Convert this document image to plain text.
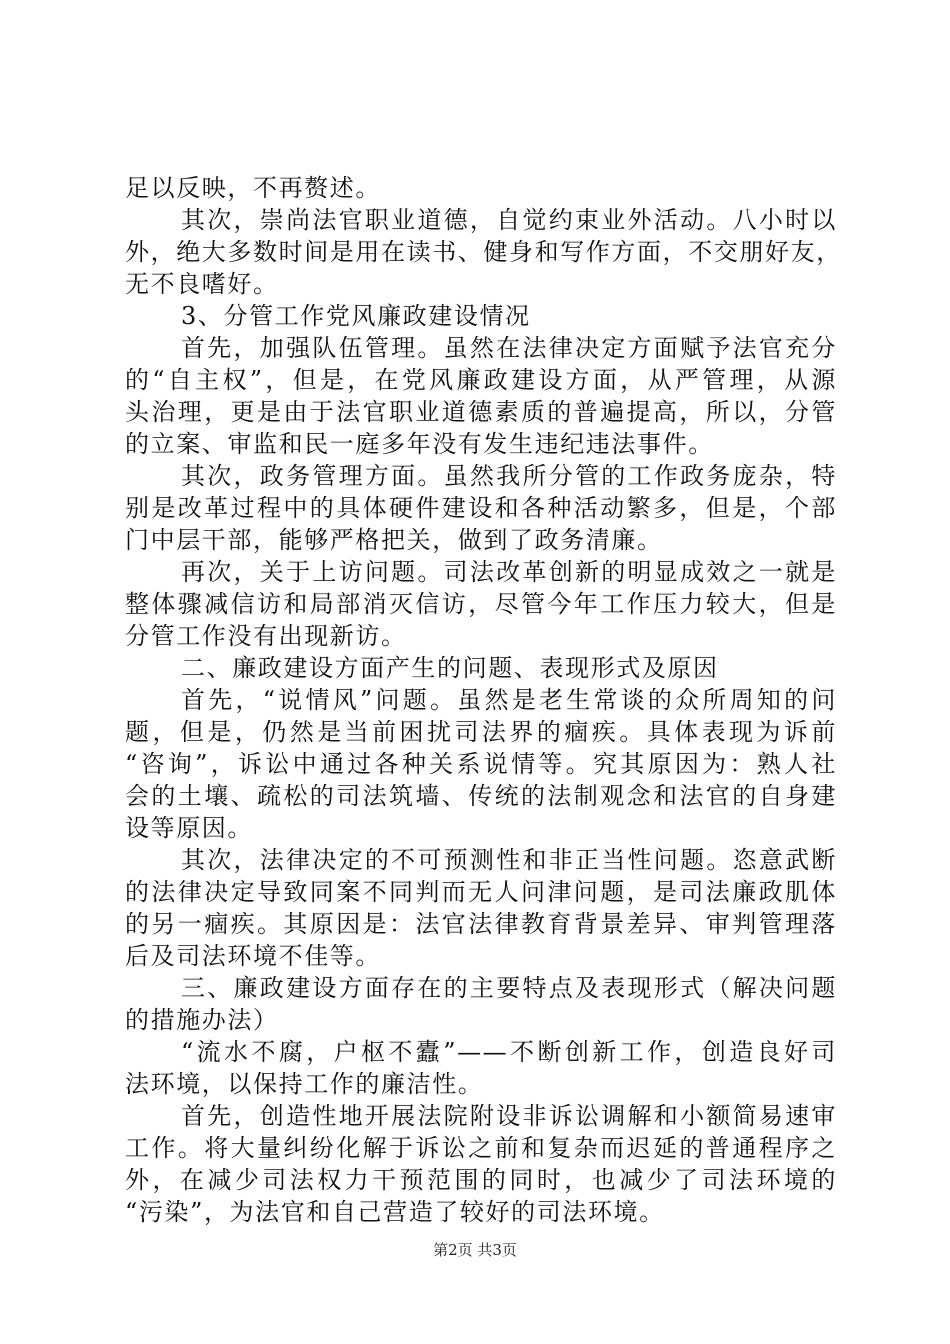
足以反映，不再赘述。
其次，崇尚法官职业道德，自觉约束业外活动。八小时以
外，绝大多数时间是用在读书、健身和写作方面，不交朋好友，
无不良嗜好。
3、分管工作党风廉政建设情况
首先，加强队伍管理。虽然在法律决定方面赋予法官充分
的“自主权”，但是，在党风廉政建设方面，从严管理，从源
头治理，更是由于法官职业道德素质的普遍提高，所以，分管
的立案、审监和民一庭多年没有发生违纪违法事件。
其次，政务管理方面。虽然我所分管的工作政务庞杂，特
别是改革过程中的具体硬件建设和各种活动繁多，但是，个部
门中层干部，能够严格把关，做到了政务清廉。
再次，关于上访问题。司法改革创新的明显成效之一就是
整体骤减信访和局部消灭信访，尽管今年工作压力较大，但是
分管工作没有出现新访。
二、廉政建设方面产生的问题、表现形式及原因
首先，“说情风”问题。虽然是老生常谈的众所周知的问
题，但是，仍然是当前困扰司法界的痼疾。具体表现为诉前
“咨询”，诉讼中通过各种关系说情等。究其原因为：熟人社
会的土壤、疏松的司法筑墙、传统的法制观念和法官的自身建
设等原因。
其次，法律决定的不可预测性和非正当性问题。恣意武断
的法律决定导致同案不同判而无人问津问题，是司法廉政肌体
的另一痼疾。其原因是：法官法律教育背景差异、审判管理落
后及司法环境不佳等。
三、廉政建设方面存在的主要特点及表现形式（解决问题
的措施办法）
“流水不腐，户枢不蠹”——不断创新工作，创造良好司
法环境，以保持工作的廉洁性。
首先，创造性地开展法院附设非诉讼调解和小额简易速审
工作。将大量纠纷化解于诉讼之前和复杂而迟延的普通程序之
外，在减少司法权力干预范围的同时，也减少了司法环境的
“污染”，为法官和自己营造了较好的司法环境。
第2页 共3页
